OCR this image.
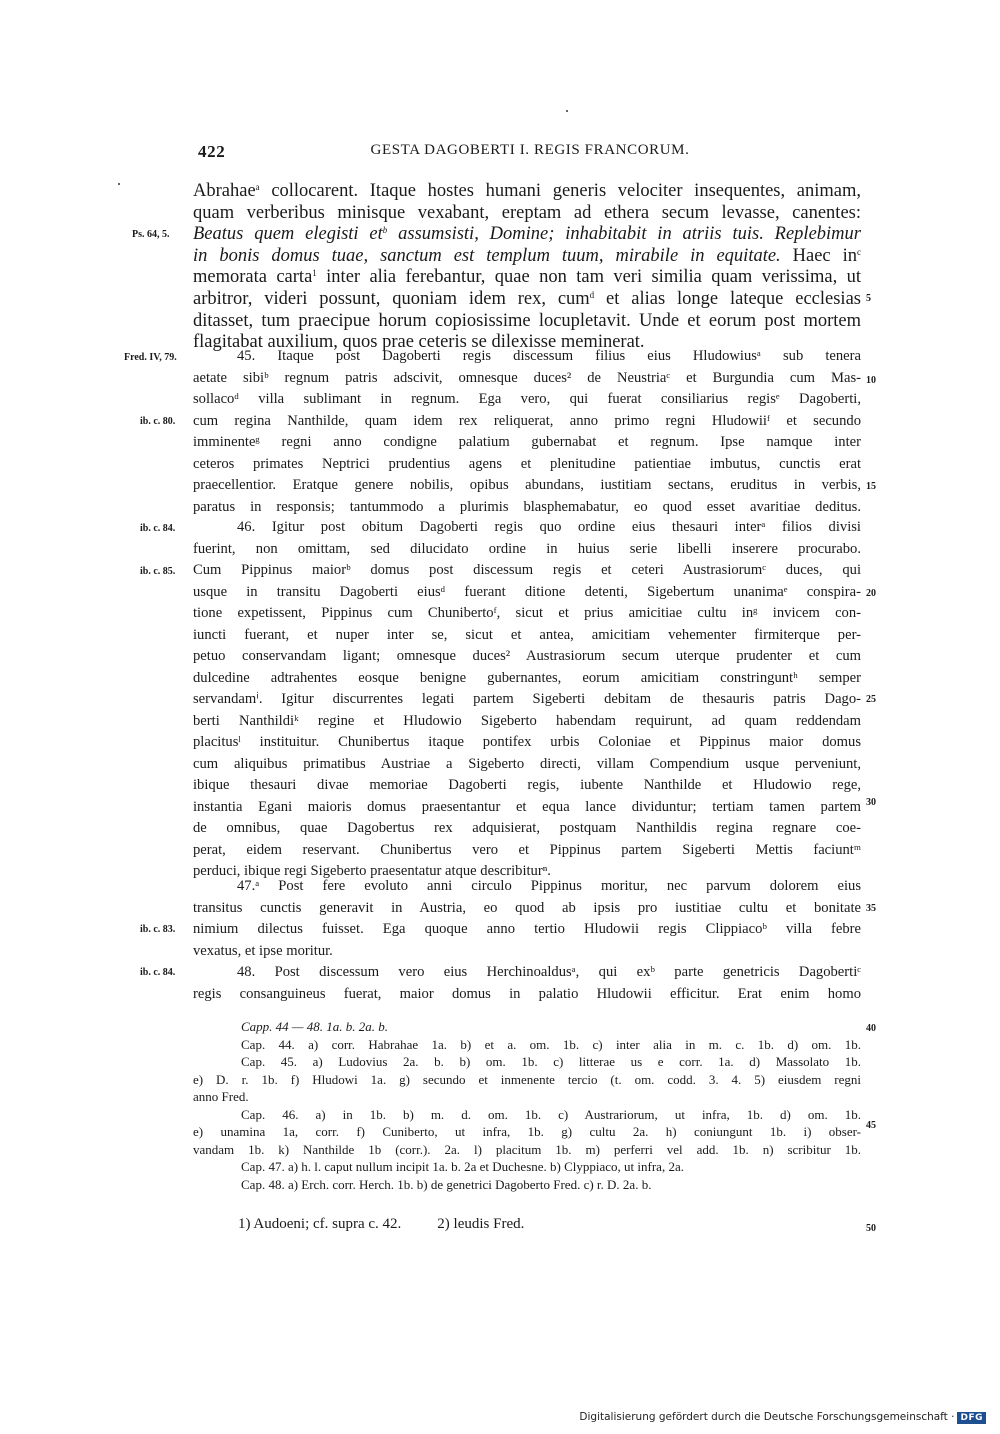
422	GESTA DAGOBERTI I. REGIS FRANCORUM.
Ps. 64, 5.
Fred. IV, 79.
ib. c. 80.
ib. c. 84.
ib. c. 85.
ib. c. 83.
ib. c. 84.
5
10
15
20
25
30
35
40
45
50
Abrahae$^a$ collocarent. Itaque hostes humani generis velociter insequentes, animam,
quam verberibus minisque vexabant, ereptam ad ethera secum levasse, canentes:
Beatus quem elegisti $et^b$ assumsisti, Domine; inhabitabit in atriis tuis. Replebimur
in bonis domus tuae, sanctum est templum tuum, mirabile in equitate. Haec $in^c$
memorata carta$^1$ inter alia ferebantur, quae non tam veri similia quam verissima, ut
arbitror, videri possunt, quoniam idem rex, cum$^d$ et alias longe lateque ecclesias
ditasset, tum praecipue horum copiosissime locupletavit. Unde et eorum post mortem
flagitabat auxilium, quos prae ceteris se dilexisse meminerat.
45. Itaque post Dagoberti regis discessum filius eius Hludowiusᵃ sub tenera
aetate sibiᵇ regnum patris adscivit, omnesque duces² de Neustriaᶜ et Burgundia cum Mas-
sollacoᵈ villa sublimant in regnum. Ega vero, qui fuerat consiliarius regisᵉ Dagoberti,
cum regina Nanthilde, quam idem rex reliquerat, anno primo regni Hludowiiᶠ et secundo
imminenteᵍ regni anno condigne palatium gubernabat et regnum. Ipse namque inter
ceteros primates Neptrici prudentius agens et plenitudine patientiae imbutus, cunctis erat
praecellentior. Eratque genere nobilis, opibus abundans, iustitiam sectans, eruditus in verbis,
paratus in responsis; tantummodo a plurimis blasphemabatur, eo quod esset avaritiae deditus.
46. Igitur post obitum Dagoberti regis quo ordine eius thesauri interᵃ filios divisi
fuerint, non omittam, sed dilucidato ordine in huius serie libelli inserere procurabo.
Cum Pippinus maiorᵇ domus post discessum regis et ceteri Austrasiorumᶜ duces, qui
usque in transitu Dagoberti eiusᵈ fuerant ditione detenti, Sigebertum unanimaᵉ conspira-
tione expetissent, Pippinus cum Chunibertoᶠ, sicut et prius amicitiae cultu inᵍ invicem con-
iuncti fuerant, et nuper inter se, sicut et antea, amicitiam vehementer firmiterque per-
petuo conservandam ligant; omnesque duces² Austrasiorum secum uterque prudenter et cum
dulcedine adtrahentes eosque benigne gubernantes, eorum amicitiam constringuntʰ semper
servandamⁱ. Igitur discurrentes legati partem Sigeberti debitam de thesauris patris Dago-
berti Nanthildiᵏ regine et Hludowio Sigeberto habendam requirunt, ad quam reddendam
placitusˡ instituitur. Chunibertus itaque pontifex urbis Coloniae et Pippinus maior domus
cum aliquibus primatibus Austriae a Sigeberto directi, villam Compendium usque perveniunt,
ibique thesauri divae memoriae Dagoberti regis, iubente Nanthilde et Hludowio rege,
instantia Egani maioris domus praesentantur et equa lance dividuntur; tertiam tamen partem
de omnibus, quae Dagobertus rex adquisierat, postquam Nanthildis regina regnare coe-
perat, eidem reservant. Chunibertus vero et Pippinus partem Sigeberti Mettis faciuntᵐ
perduci, ibique regi Sigeberto praesentatur atque describiturⁿ.
47.ᵃ Post fere evoluto anni circulo Pippinus moritur, nec parvum dolorem eius
transitus cunctis generavit in Austria, eo quod ab ipsis pro iustitiae cultu et bonitate
nimium dilectus fuisset. Ega quoque anno tertio Hludowii regis Clippiacoᵇ villa febre
vexatus, et ipse moritur.
48. Post discessum vero eius Herchinoaldusᵃ, qui exᵇ parte genetricis Dagobertiᶜ
regis consanguineus fuerat, maior domus in palatio Hludowii efficitur. Erat enim homo
Capp. 44 — 48. 1a. b. 2a. b.
Cap. 44. a) corr. Habrahae 1a. b) et a. om. 1b. c) inter alia in m. c. 1b. d) om. 1b.
Cap. 45. a) Ludovius 2a. b. b) om. 1b. c) litterae us e corr. 1a. d) Massolato 1b.
e) D. r. 1b. f) Hludowi 1a. g) secundo et inmenente tercio (t. om. codd. 3. 4. 5) eiusdem regni
anno Fred.
Cap. 46. a) in 1b. b) m. d. om. 1b. c) Austrariorum, ut infra, 1b. d) om. 1b.
e) unamina 1a, corr. f) Cuniberto, ut infra, 1b. g) cultu 2a. h) coniungunt 1b. i) obser-
vandam 1b. k) Nanthilde 1b (corr.). 2a. l) placitum 1b. m) perferri vel add. 1b. n) scribitur 1b.
Cap. 47. a) h. l. caput nullum incipit 1a. b. 2a et Duchesne. b) Clyppiaco, ut infra, 2a.
Cap. 48. a) Erch. corr. Herch. 1b. b) de genetrici Dagoberto Fred. c) r. D. 2a. b.
1) Audoeni; cf. supra c. 42. 2) leudis Fred.
Digitalisierung gefördert durch die Deutsche Forschungsgemeinschaft · DFG
